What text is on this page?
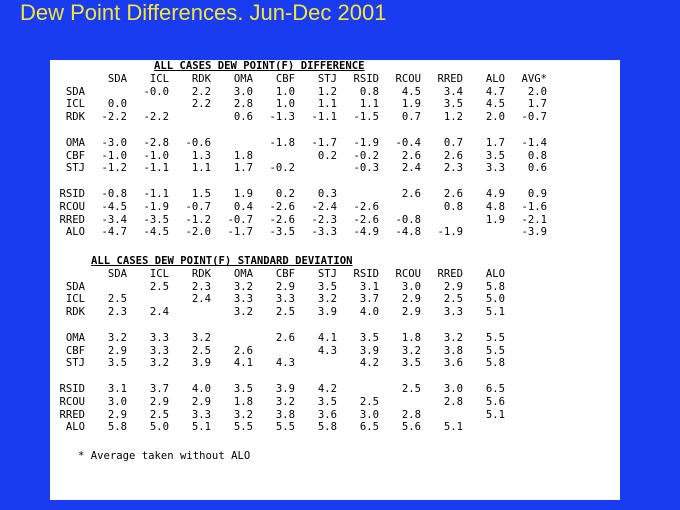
Dew Point Differences. Jun-Dec 2001
ALL CASES DEW POINT(F) DIFFERENCE
SDA ICL RDK OMA CBF STJ RSID RCOU RRED ALO AVG*
SDA	-0.0 2.2 3.0 1.0 1.2 0.8 4.5 3.4 4.7 2.0
ICL 0.0	2.2 2.8 1.0 1.1 1.1 1.9 3.5 4.5 1.7
RDK -2.2 -2.2	0.6 -1.3 -1.1 -1.5 0.7 1.2 2.0 -0.7
OMA -3.0 -2.8 -0.6	-1.8 -1.7 -1.9 -0.4 0.7 1.7 -1.4
CBF -1.0 -1.0 1.3 1.8	0.2 -0.2 2.6 2.6 3.5 0.8
STJ -1.2 -1.1 1.1 1.7 -0.2	-0.3 2.4 2.3 3.3 0.6
RSID -0.8 -1.1 1.5 1.9 0.2 0.3	2.6 2.6 4.9 0.9
RCOU -4.5 -1.9 -0.7 0.4 -2.6 -2.4 -2.6	0.8 4.8 -1.6
RRED -3.4 -3.5 -1.2 -0.7 -2.6 -2.3 -2.6 -0.8	1.9 -2.1
ALO -4.7 -4.5 -2.0 -1.7 -3.5 -3.3 -4.9 -4.8 -1.9	-3.9
ALL CASES DEW POINT(F) STANDARD DEVIATION
SDA ICL RDK OMA CBF STJ RSID RCOU RRED ALO
SDA	2.5 2.3 3.2 2.9 3.5 3.1 3.0 2.9 5.8
ICL 2.5	2.4 3.3 3.3 3.2 3.7 2.9 2.5 5.0
RDK 2.3 2.4	3.2 2.5 3.9 4.0 2.9 3.3 5.1
OMA 3.2 3.3 3.2	2.6 4.1 3.5 1.8 3.2 5.5
CBF 2.9 3.3 2.5 2.6	4.3 3.9 3.2 3.8 5.5
STJ 3.5 3.2 3.9 4.1 4.3	4.2 3.5 3.6 5.8
RSID 3.1 3.7 4.0 3.5 3.9 4.2	2.5 3.0 6.5
RCOU 3.0 2.9 2.9 1.8 3.2 3.5 2.5	2.8 5.6
RRED 2.9 2.5 3.3 3.2 3.8 3.6 3.0 2.8	5.1
ALO 5.8 5.0 5.1 5.5 5.5 5.8 6.5 5.6 5.1
* Average taken without ALO
